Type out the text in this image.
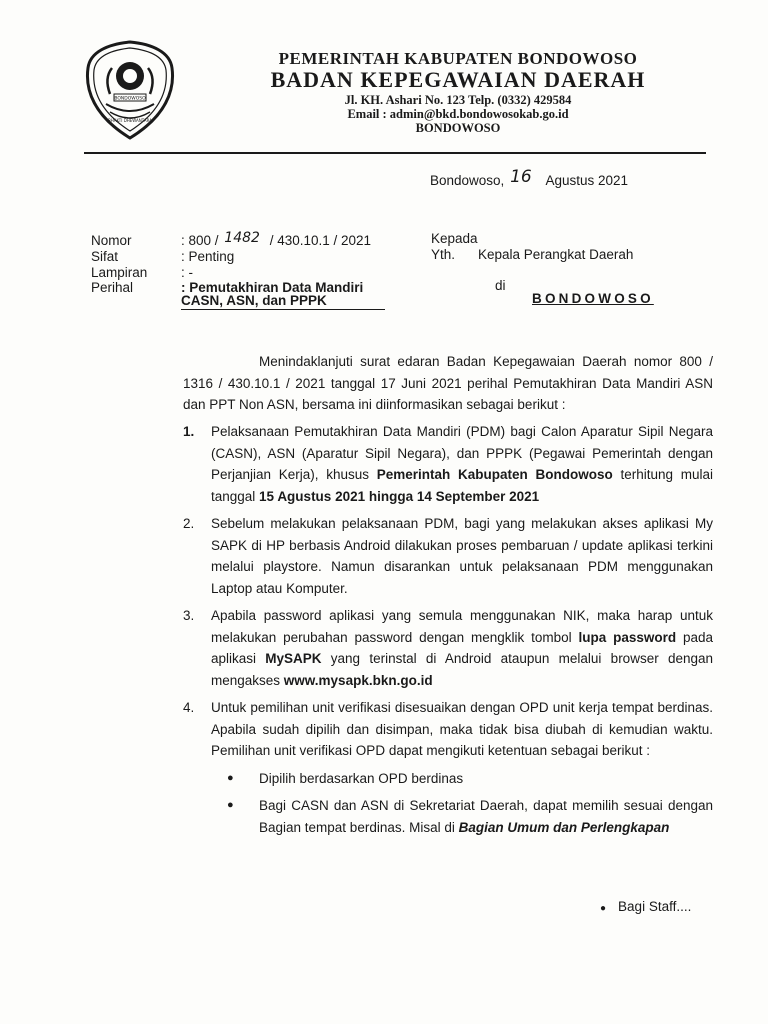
BONDOWOSO
BHAKTI DHEWANTARA
PEMERINTAH KABUPATEN BONDOWOSO
BADAN KEPEGAWAIAN DAERAH
Jl. KH. Ashari No. 123 Telp. (0332) 429584
Email : admin@bkd.bondowosokab.go.id
BONDOWOSO
Bondowoso, 16 Agustus 2021
Nomor	: 800 / 1482 / 430.10.1 / 2021
Sifat	: Penting
Lampiran : -
Perihal	: Pemutakhiran Data Mandiri
CASN, ASN, dan PPPK
Kepada
Yth. Kepala Perangkat Daerah
di
BONDOWOSO
Menindaklanjuti surat edaran Badan Kepegawaian Daerah nomor 800 / 1316 / 430.10.1 / 2021 tanggal 17 Juni 2021 perihal Pemutakhiran Data Mandiri ASN dan PPT Non ASN, bersama ini diinformasikan sebagai berikut :
1. Pelaksanaan Pemutakhiran Data Mandiri (PDM) bagi Calon Aparatur Sipil Negara (CASN), ASN (Aparatur Sipil Negara), dan PPPK (Pegawai Pemerintah dengan Perjanjian Kerja), khusus Pemerintah Kabupaten Bondowoso terhitung mulai tanggal 15 Agustus 2021 hingga 14 September 2021
2. Sebelum melakukan pelaksanaan PDM, bagi yang melakukan akses aplikasi My SAPK di HP berbasis Android dilakukan proses pembaruan / update aplikasi terkini melalui playstore. Namun disarankan untuk pelaksanaan PDM menggunakan Laptop atau Komputer.
3. Apabila password aplikasi yang semula menggunakan NIK, maka harap untuk melakukan perubahan password dengan mengklik tombol lupa password pada aplikasi MySAPK yang terinstal di Android ataupun melalui browser dengan mengakses www.mysapk.bkn.go.id
4. Untuk pemilihan unit verifikasi disesuaikan dengan OPD unit kerja tempat berdinas. Apabila sudah dipilih dan disimpan, maka tidak bisa diubah di kemudian waktu. Pemilihan unit verifikasi OPD dapat mengikuti ketentuan sebagai berikut :
● Dipilih berdasarkan OPD berdinas
● Bagi CASN dan ASN di Sekretariat Daerah, dapat memilih sesuai dengan Bagian tempat berdinas. Misal di Bagian Umum dan Perlengkapan
● Bagi Staff....
